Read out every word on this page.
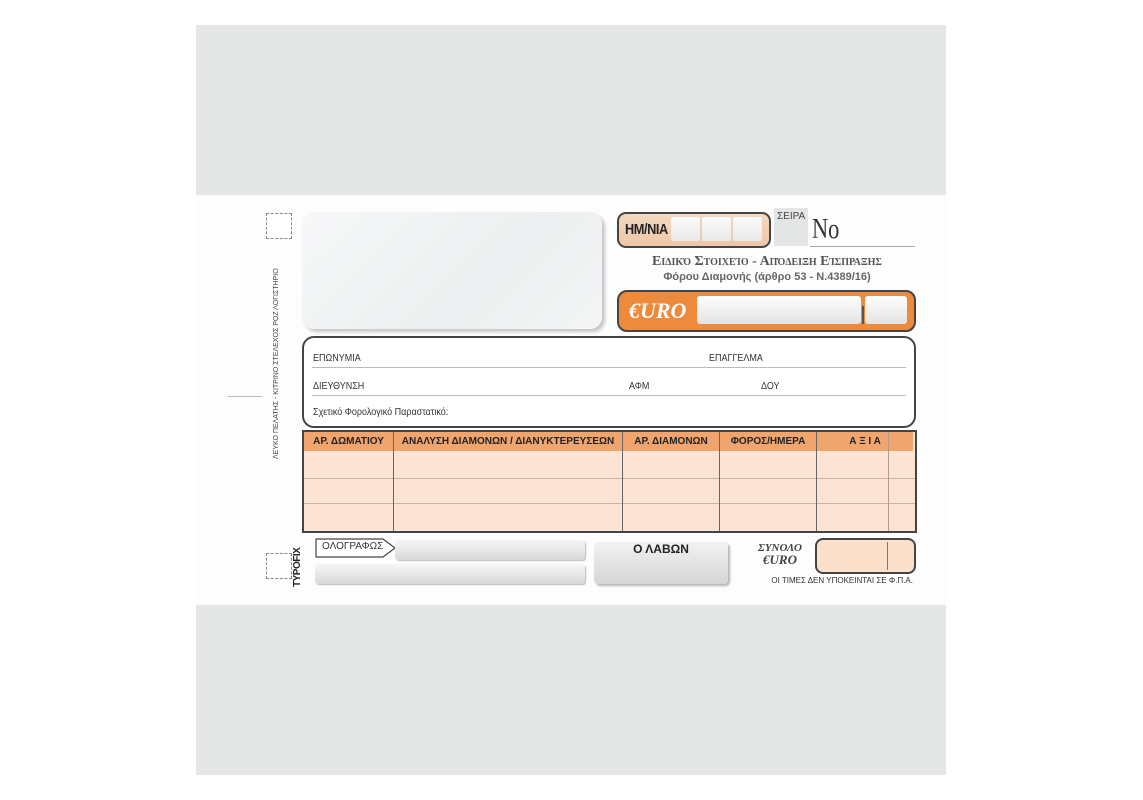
HM/NIA
ΣΕΙΡΑ Νο
Ειδικό Στοιχείο - Απόδειξη Είσπραξης
Φόρου Διαμονής (άρθρο 53 - Ν.4389/16)
€URO
ΛΕΥΚΟ ΠΕΛΑΤΗΣ - ΚΙΤΡΙΝΟ ΣΤΕΛΕΧΟΣ ΡΟΖ ΛΟΓΙΣΤΗΡΙΟ	ΕΠΩΝΥΜΙΑ	ΕΠΑΓΓΕΛΜΑ
ΔΙΕΥΘΥΝΣΗ	ΑΦΜ	ΔΟΥ
Σχετικό Φορολογικό Παραστατικό:
ΑΡ. ΔΩΜΑΤΙΟΥ	ΑΝΑΛΥΣΗ ΔΙΑΜΟΝΩΝ / ΔΙΑΝΥΚΤΕΡΕΥΣΕΩΝ	ΑΡ. ΔΙΑΜΟΝΩΝ	ΦΟΡΟΣ/ΗΜΕΡΑ	Α Ξ Ι Α
TYPOFIX
ΟΛΟΓΡΑΦΩΣ	Ο ΛΑΒΩΝ	ΣΥΝΟΛΟ
€URO
ΟΙ ΤΙΜΕΣ ΔΕΝ ΥΠΟΚΕΙΝΤΑΙ ΣΕ Φ.Π.Α.
